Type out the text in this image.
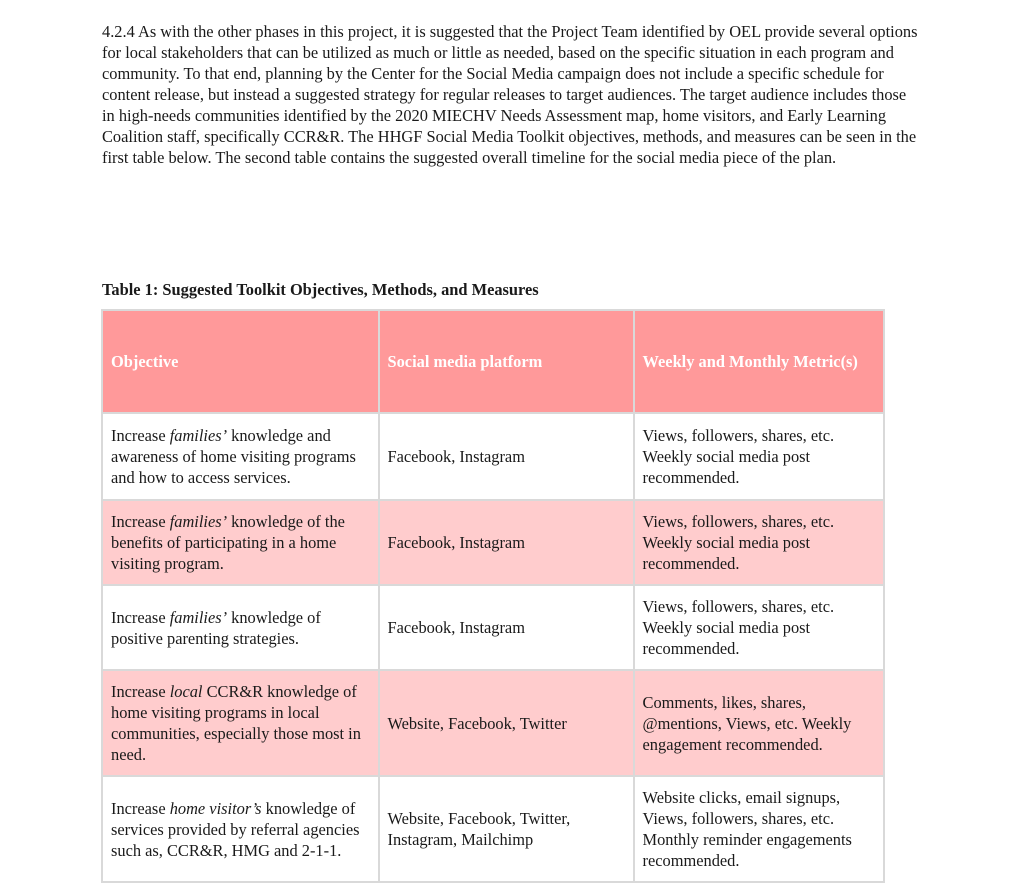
4.2.4 As with the other phases in this project, it is suggested that the Project Team identified by OEL provide several options for local stakeholders that can be utilized as much or little as needed, based on the specific situation in each program and community. To that end, planning by the Center for the Social Media campaign does not include a specific schedule for content release, but instead a suggested strategy for regular releases to target audiences. The target audience includes those in high-needs communities identified by the 2020 MIECHV Needs Assessment map, home visitors, and Early Learning Coalition staff, specifically CCR&R. The HHGF Social Media Toolkit objectives, methods, and measures can be seen in the first table below. The second table contains the suggested overall timeline for the social media piece of the plan.

Table 1: Suggested Toolkit Objectives, Methods, and Measures

Objective	Social media platform	Weekly and Monthly Metric(s)
Increase families’ knowledge and awareness of home visiting programs and how to access services.	Facebook, Instagram	Views, followers, shares, etc. Weekly social media post recommended.
Increase families’ knowledge of the benefits of participating in a home visiting program.	Facebook, Instagram	Views, followers, shares, etc. Weekly social media post recommended.
Increase families’ knowledge of positive parenting strategies.	Facebook, Instagram	Views, followers, shares, etc. Weekly social media post recommended.
Increase local CCR&R knowledge of home visiting programs in local communities, especially those most in need.	Website, Facebook, Twitter	Comments, likes, shares, @mentions, Views, etc. Weekly engagement recommended.
Increase home visitor’s knowledge of services provided by referral agencies such as, CCR&R, HMG and 2-1-1.	Website, Facebook, Twitter, Instagram, Mailchimp	Website clicks, email signups, Views, followers, shares, etc. Monthly reminder engagements recommended.
